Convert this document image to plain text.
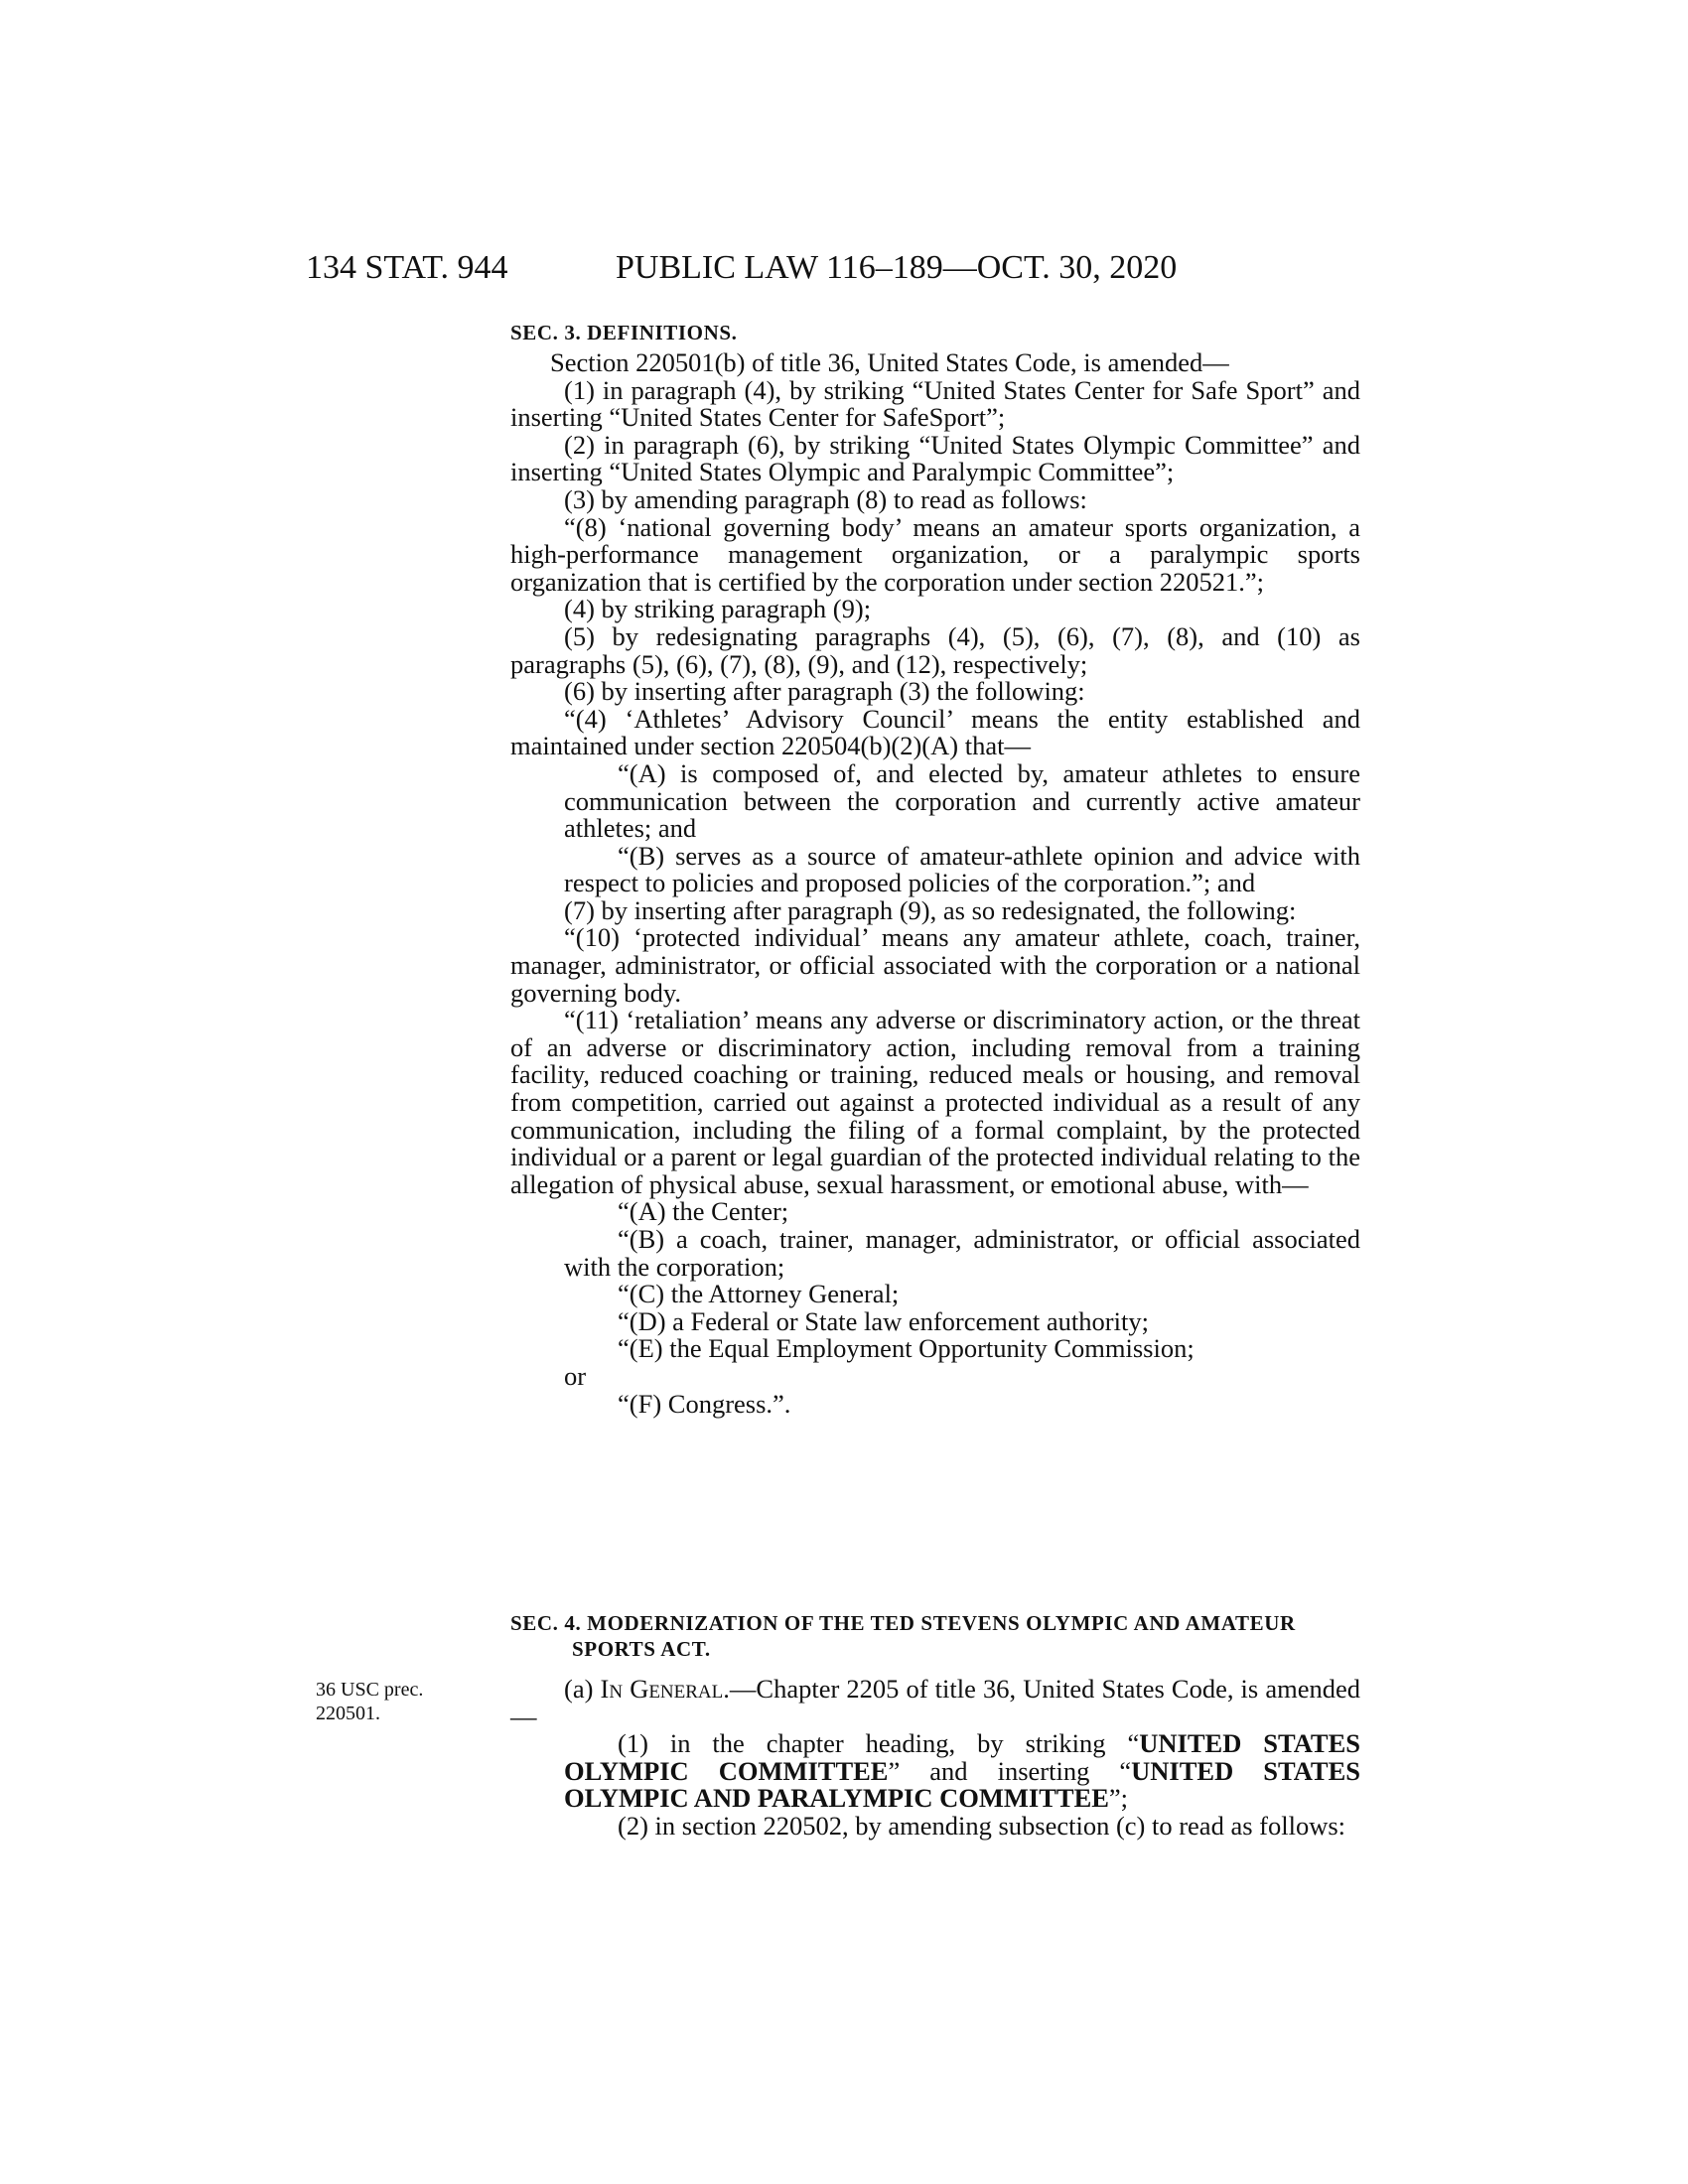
134 STAT. 944	PUBLIC LAW 116–189—OCT. 30, 2020
SEC. 3. DEFINITIONS.

Section 220501(b) of title 36, United States Code, is amended—

(1) in paragraph (4), by striking “United States Center for Safe Sport” and inserting “United States Center for SafeSport”;

(2) in paragraph (6), by striking “United States Olympic Committee” and inserting “United States Olympic and Paralympic Committee”;

(3) by amending paragraph (8) to read as follows:

“(8) ‘national governing body’ means an amateur sports organization, a high-performance management organization, or a paralympic sports organization that is certified by the corporation under section 220521.”;

(4) by striking paragraph (9);

(5) by redesignating paragraphs (4), (5), (6), (7), (8), and (10) as paragraphs (5), (6), (7), (8), (9), and (12), respectively;

(6) by inserting after paragraph (3) the following:

“(4) ‘Athletes’ Advisory Council’ means the entity established and maintained under section 220504(b)(2)(A) that—

“(A) is composed of, and elected by, amateur athletes to ensure communication between the corporation and currently active amateur athletes; and

“(B) serves as a source of amateur-athlete opinion and advice with respect to policies and proposed policies of the corporation.”; and

(7) by inserting after paragraph (9), as so redesignated, the following:

“(10) ‘protected individual’ means any amateur athlete, coach, trainer, manager, administrator, or official associated with the corporation or a national governing body.

“(11) ‘retaliation’ means any adverse or discriminatory action, or the threat of an adverse or discriminatory action, including removal from a training facility, reduced coaching or training, reduced meals or housing, and removal from competition, carried out against a protected individual as a result of any communication, including the filing of a formal complaint, by the protected individual or a parent or legal guardian of the protected individual relating to the allegation of physical abuse, sexual harassment, or emotional abuse, with—

“(A) the Center;

“(B) a coach, trainer, manager, administrator, or official associated with the corporation;

“(C) the Attorney General;

“(D) a Federal or State law enforcement authority;

“(E) the Equal Employment Opportunity Commission;

or

“(F) Congress.”.

SEC. 4. MODERNIZATION OF THE TED STEVENS OLYMPIC AND AMATEUR SPORTS ACT.
36 USC prec. 220501.

(a) In General.—Chapter 2205 of title 36, United States Code, is amended—

(1) in the chapter heading, by striking “UNITED STATES OLYMPIC COMMITTEE” and inserting “UNITED STATES OLYMPIC AND PARALYMPIC COMMITTEE”;

(2) in section 220502, by amending subsection (c) to read as follows:
